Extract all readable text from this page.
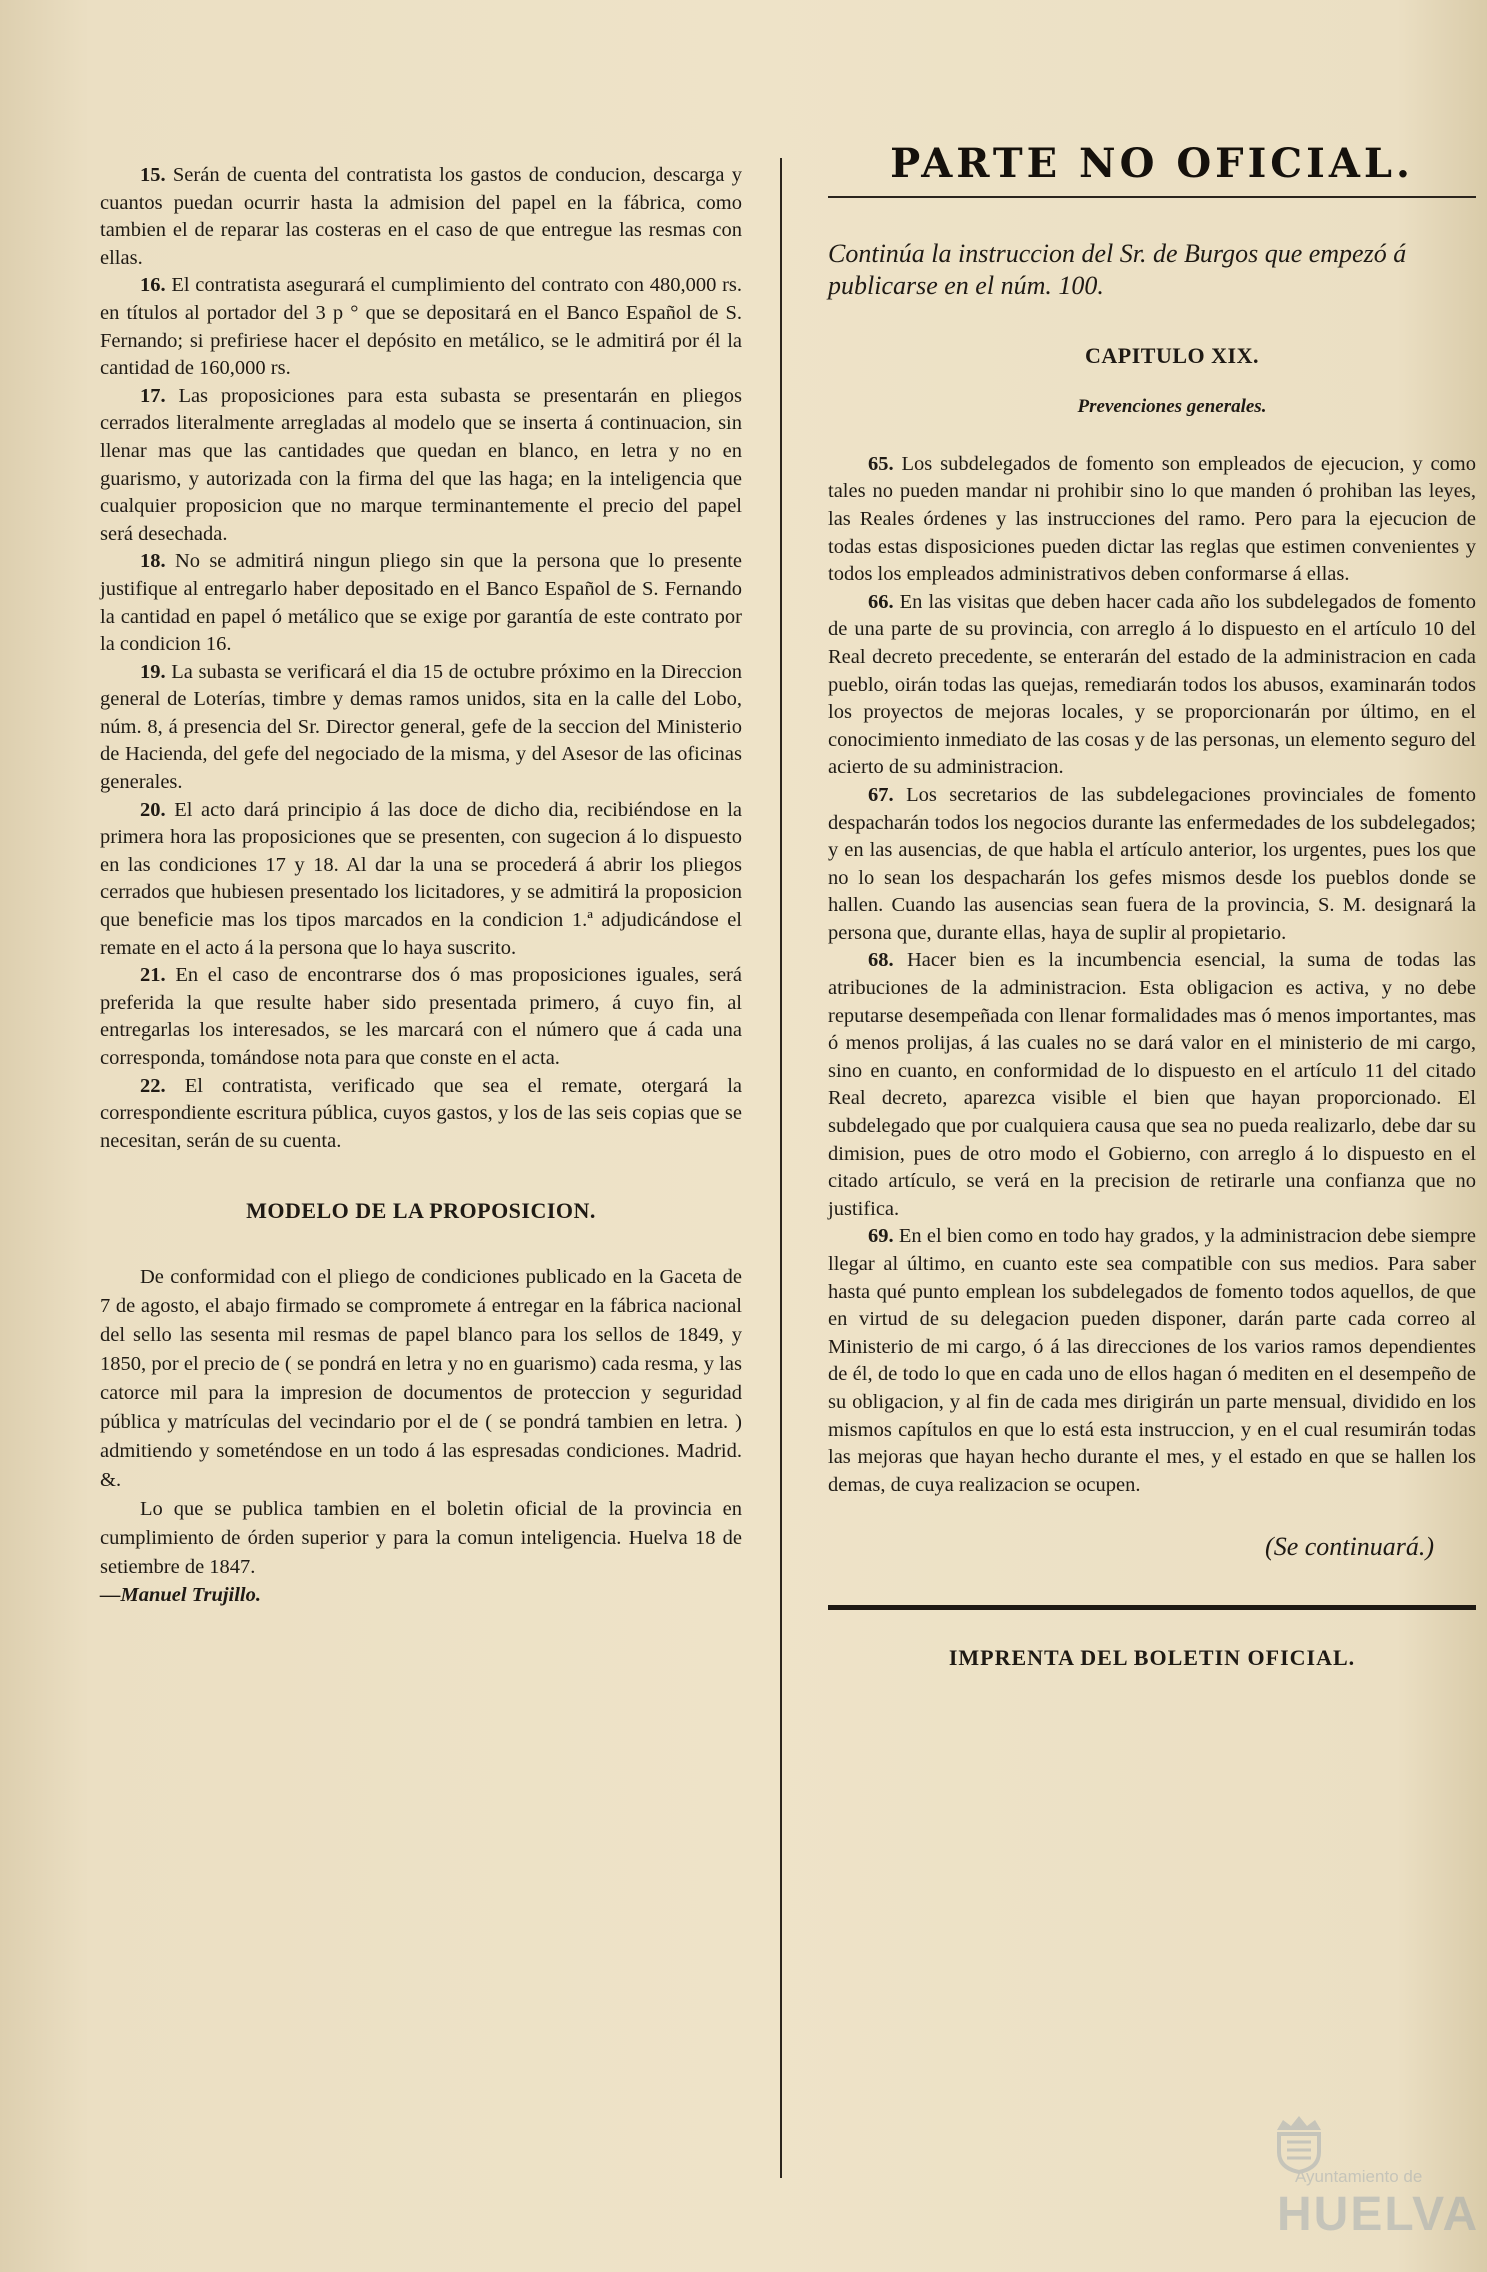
15. Serán de cuenta del contratista los gastos de conducion, descarga y cuantos puedan ocurrir hasta la admision del papel en la fábrica, como tambien el de reparar las costeras en el caso de que entregue las resmas con ellas.

16. El contratista asegurará el cumplimiento del contrato con 480,000 rs. en títulos al portador del 3 p ° que se depositará en el Banco Español de S. Fernando; si prefiriese hacer el depósito en metálico, se le admitirá por él la cantidad de 160,000 rs.

17. Las proposiciones para esta subasta se presentarán en pliegos cerrados literalmente arregladas al modelo que se inserta á continuacion, sin llenar mas que las cantidades que quedan en blanco, en letra y no en guarismo, y autorizada con la firma del que las haga; en la inteligencia que cualquier proposicion que no marque terminantemente el precio del papel será desechada.

18. No se admitirá ningun pliego sin que la persona que lo presente justifique al entregarlo haber depositado en el Banco Español de S. Fernando la cantidad en papel ó metálico que se exige por garantía de este contrato por la condicion 16.

19. La subasta se verificará el dia 15 de octubre próximo en la Direccion general de Loterías, timbre y demas ramos unidos, sita en la calle del Lobo, núm. 8, á presencia del Sr. Director general, gefe de la seccion del Ministerio de Hacienda, del gefe del negociado de la misma, y del Asesor de las oficinas generales.

20. El acto dará principio á las doce de dicho dia, recibiéndose en la primera hora las proposiciones que se presenten, con sugecion á lo dispuesto en las condiciones 17 y 18. Al dar la una se procederá á abrir los pliegos cerrados que hubiesen presentado los licitadores, y se admitirá la proposicion que beneficie mas los tipos marcados en la condicion 1.ª adjudicándose el remate en el acto á la persona que lo haya suscrito.

21. En el caso de encontrarse dos ó mas proposiciones iguales, será preferida la que resulte haber sido presentada primero, á cuyo fin, al entregarlas los interesados, se les marcará con el número que á cada una corresponda, tomándose nota para que conste en el acta.

22. El contratista, verificado que sea el remate, otergará la correspondiente escritura pública, cuyos gastos, y los de las seis copias que se necesitan, serán de su cuenta.

MODELO DE LA PROPOSICION.

De conformidad con el pliego de condiciones publicado en la Gaceta de 7 de agosto, el abajo firmado se compromete á entregar en la fábrica nacional del sello las sesenta mil resmas de papel blanco para los sellos de 1849, y 1850, por el precio de ( se pondrá en letra y no en guarismo) cada resma, y las catorce mil para la impresion de documentos de proteccion y seguridad pública y matrículas del vecindario por el de ( se pondrá tambien en letra. ) admitiendo y someténdose en un todo á las espresadas condiciones. Madrid. &.

Lo que se publica tambien en el boletin oficial de la provincia en cumplimiento de órden superior y para la comun inteligencia. Huelva 18 de setiembre de 1847.

—Manuel Trujillo.

PARTE NO OFICIAL.

Continúa la instruccion del Sr. de Burgos que empezó á publicarse en el núm. 100.

CAPITULO XIX.

Prevenciones generales.

65. Los subdelegados de fomento son empleados de ejecucion, y como tales no pueden mandar ni prohibir sino lo que manden ó prohiban las leyes, las Reales órdenes y las instrucciones del ramo. Pero para la ejecucion de todas estas disposiciones pueden dictar las reglas que estimen convenientes y todos los empleados administrativos deben conformarse á ellas.

66. En las visitas que deben hacer cada año los subdelegados de fomento de una parte de su provincia, con arreglo á lo dispuesto en el artículo 10 del Real decreto precedente, se enterarán del estado de la administracion en cada pueblo, oirán todas las quejas, remediarán todos los abusos, examinarán todos los proyectos de mejoras locales, y se proporcionarán por último, en el conocimiento inmediato de las cosas y de las personas, un elemento seguro del acierto de su administracion.

67. Los secretarios de las subdelegaciones provinciales de fomento despacharán todos los negocios durante las enfermedades de los subdelegados; y en las ausencias, de que habla el artículo anterior, los urgentes, pues los que no lo sean los despacharán los gefes mismos desde los pueblos donde se hallen. Cuando las ausencias sean fuera de la provincia, S. M. designará la persona que, durante ellas, haya de suplir al propietario.

68. Hacer bien es la incumbencia esencial, la suma de todas las atribuciones de la administracion. Esta obligacion es activa, y no debe reputarse desempeñada con llenar formalidades mas ó menos importantes, mas ó menos prolijas, á las cuales no se dará valor en el ministerio de mi cargo, sino en cuanto, en conformidad de lo dispuesto en el artículo 11 del citado Real decreto, aparezca visible el bien que hayan proporcionado. El subdelegado que por cualquiera causa que sea no pueda realizarlo, debe dar su dimision, pues de otro modo el Gobierno, con arreglo á lo dispuesto en el citado artículo, se verá en la precision de retirarle una confianza que no justifica.

69. En el bien como en todo hay grados, y la administracion debe siempre llegar al último, en cuanto este sea compatible con sus medios. Para saber hasta qué punto emplean los subdelegados de fomento todos aquellos, de que en virtud de su delegacion pueden disponer, darán parte cada correo al Ministerio de mi cargo, ó á las direcciones de los varios ramos dependientes de él, de todo lo que en cada uno de ellos hagan ó mediten en el desempeño de su obligacion, y al fin de cada mes dirigirán un parte mensual, dividido en los mismos capítulos en que lo está esta instruccion, y en el cual resumirán todas las mejoras que hayan hecho durante el mes, y el estado en que se hallen los demas, de cuya realizacion se ocupen.

(Se continuará.)

IMPRENTA DEL BOLETIN OFICIAL.

Ayuntamiento de
HUELVA
